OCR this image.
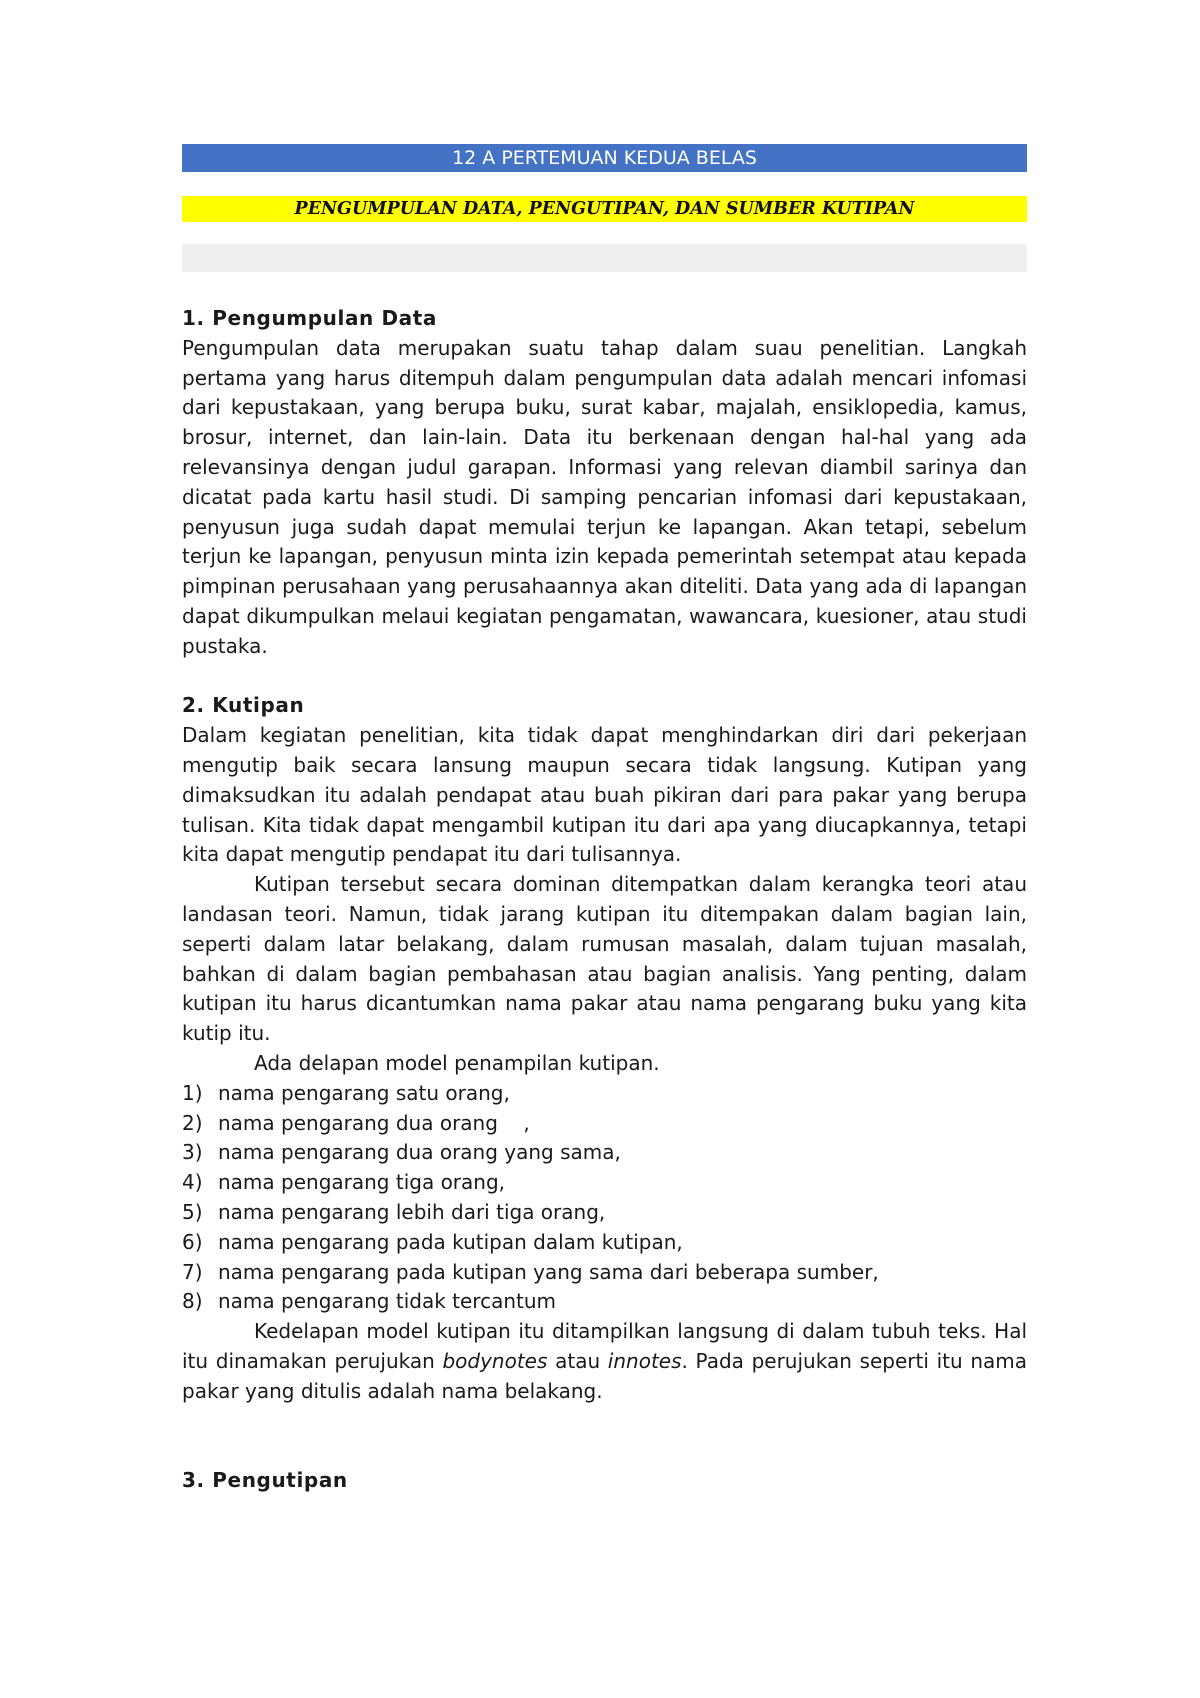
12 A PERTEMUAN KEDUA BELAS
PENGUMPULAN DATA, PENGUTIPAN, DAN SUMBER KUTIPAN
1. Pengumpulan Data
Pengumpulan data merupakan suatu tahap dalam suau penelitian. Langkah pertama yang harus ditempuh dalam pengumpulan data adalah mencari infomasi dari kepustakaan, yang berupa buku, surat kabar, majalah, ensiklopedia, kamus, brosur, internet, dan lain-lain. Data itu berkenaan dengan hal-hal yang ada relevansinya dengan judul garapan. Informasi yang relevan diambil sarinya dan dicatat pada kartu hasil studi. Di samping pencarian infomasi dari kepustakaan, penyusun juga sudah dapat memulai terjun ke lapangan. Akan tetapi, sebelum terjun ke lapangan, penyusun minta izin kepada pemerintah setempat atau kepada pimpinan perusahaan yang perusahaannya akan diteliti. Data yang ada di lapangan dapat dikumpulkan melaui kegiatan pengamatan, wawancara, kuesioner, atau studi pustaka.
2. Kutipan
Dalam kegiatan penelitian, kita tidak dapat menghindarkan diri dari pekerjaan mengutip baik secara lansung maupun secara tidak langsung. Kutipan yang dimaksudkan itu adalah pendapat atau buah pikiran dari para pakar yang berupa tulisan. Kita tidak dapat mengambil kutipan itu dari apa yang diucapkannya, tetapi kita dapat mengutip pendapat itu dari tulisannya.
Kutipan tersebut secara dominan ditempatkan dalam kerangka teori atau landasan teori. Namun, tidak jarang kutipan itu ditempakan dalam bagian lain, seperti dalam latar belakang, dalam rumusan masalah, dalam tujuan masalah, bahkan di dalam bagian pembahasan atau bagian analisis. Yang penting, dalam kutipan itu harus dicantumkan nama pakar atau nama pengarang buku yang kita kutip itu.
Ada delapan model penampilan kutipan.
1) nama pengarang satu orang,
2) nama pengarang dua orang    ,
3) nama pengarang dua orang yang sama,
4) nama pengarang tiga orang,
5) nama pengarang lebih dari tiga orang,
6) nama pengarang pada kutipan dalam kutipan,
7) nama pengarang pada kutipan yang sama dari beberapa sumber,
8) nama pengarang tidak tercantum
Kedelapan model kutipan itu ditampilkan langsung di dalam tubuh teks. Hal itu dinamakan perujukan bodynotes atau innotes. Pada perujukan seperti itu nama pakar yang ditulis adalah nama belakang.
3. Pengutipan
